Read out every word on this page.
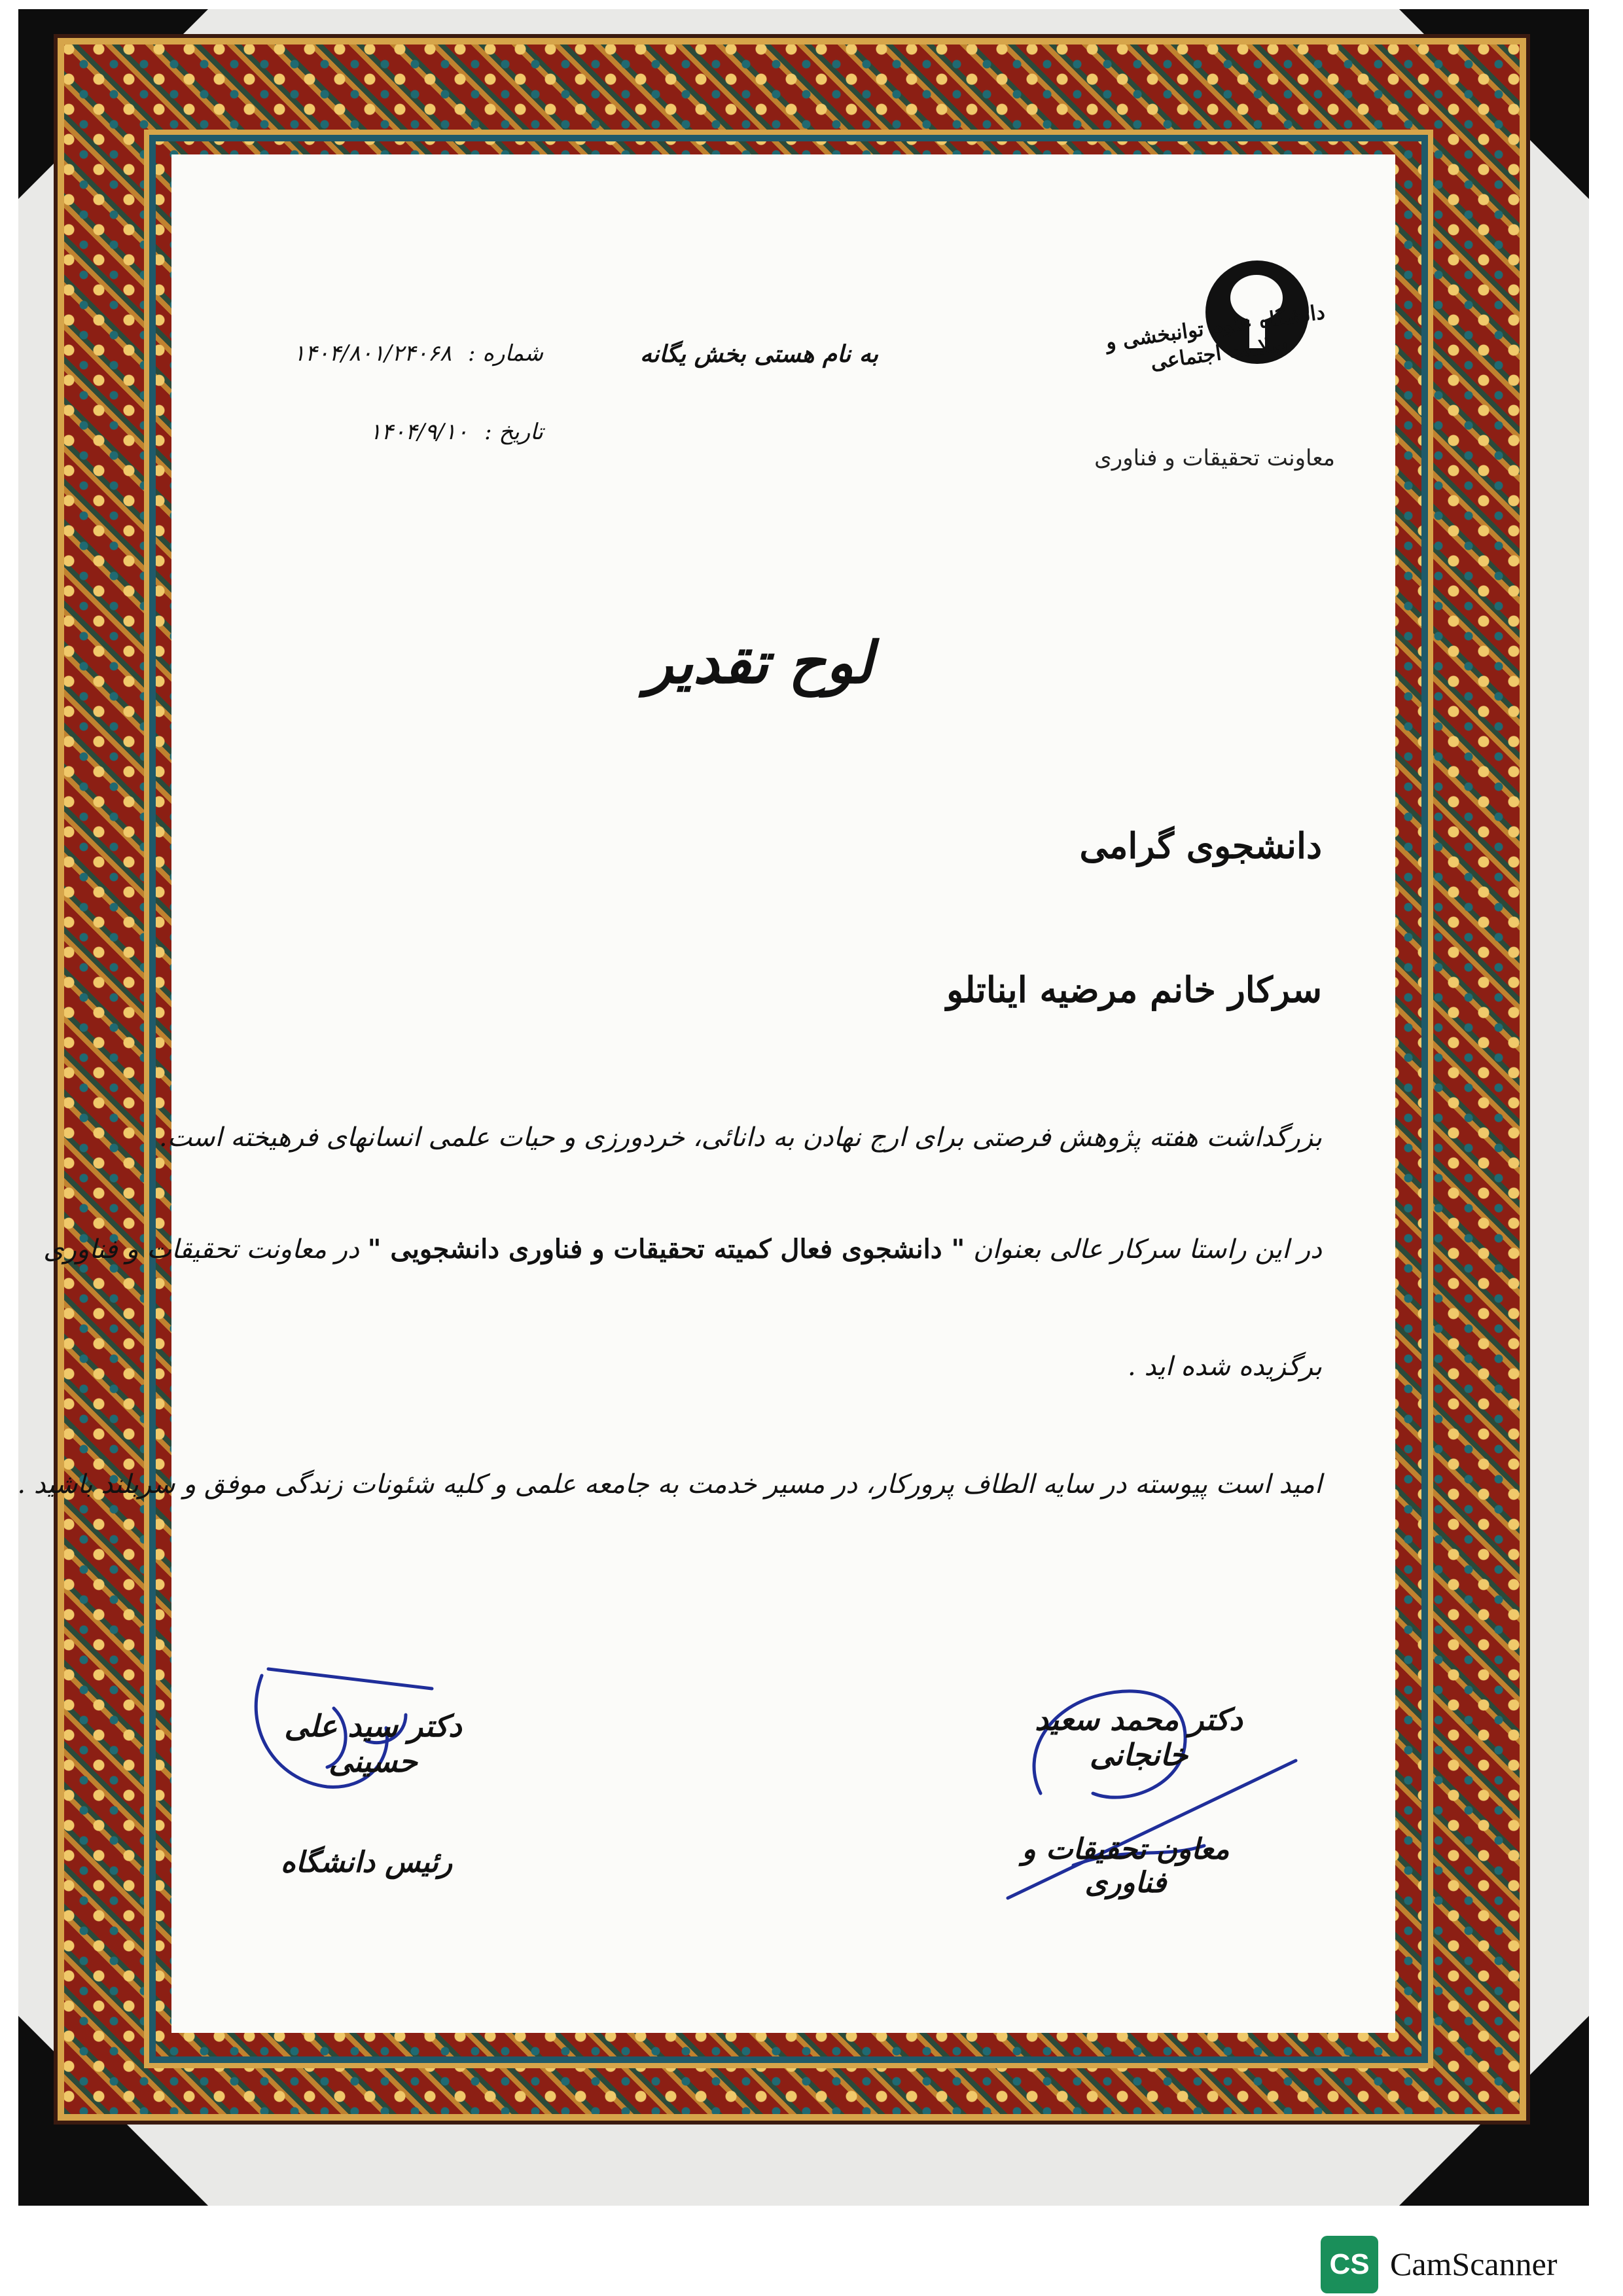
دانشگاه علوم توانبخشی و سلامت اجتماعی
معاونت تحقیقات و فناوری
به نام هستی بخش یگانه
شماره : ۱۴۰۴/۸۰۱/۲۴۰۶۸
تاریخ : ۱۴۰۴/۹/۱۰
لوح تقدیر
دانشجوی گرامی
سرکار خانم مرضیه ایناتلو
بزرگداشت هفته پژوهش فرصتی برای ارج نهادن به دانائی، خردورزی و حیات علمی انسانهای فرهیخته است.
در این راستا سرکار عالی بعنوان " دانشجوی فعال کمیته تحقیقات و فناوری دانشجویی " در معاونت تحقیقات و فناوری
برگزیده شده اید .
امید است پیوسته در سایه الطاف پرورکار، در مسیر خدمت به جامعه علمی و کلیه شئونات زندگی موفق و سربلند باشید .
دکتر محمد سعید خانجانی
معاون تحقیقات و فناوری
دکتر سید علی حسینی
رئیس دانشگاه
CS CamScanner
